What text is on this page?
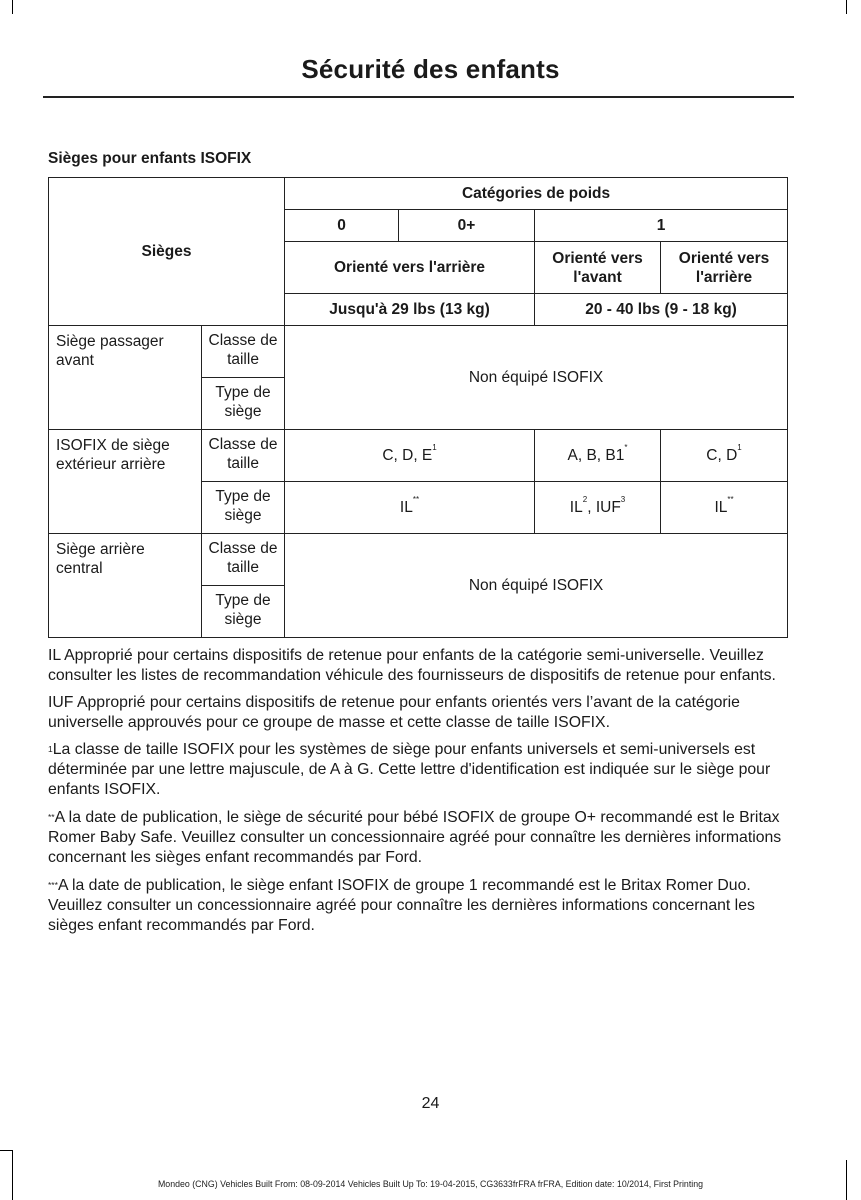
Sécurité des enfants
Sièges pour enfants ISOFIX
Sièges		Catégories de poids			
		0	0+	1	
		Orienté vers l'arrière		Orienté vers l'avant	Orienté vers l'arrière
		Jusqu'à 29 lbs (13 kg)		20 - 40 lbs (9 - 18 kg)	
Siège passager avant	Classe de taille	Non équipé ISOFIX			
	Type de siège				
ISOFIX de siège extérieur arrière	Classe de taille	C, D, $E^1$		A, B, B1*	C, $D^1$
	Type de siège	IL**		$IL^2$, IUF$^3$	IL**
Siège arrière central	Classe de taille	Non équipé ISOFIX			
	Type de siège				

IL Approprié pour certains dispositifs de retenue pour enfants de la catégorie semi-universelle. Veuillez consulter les listes de recommandation véhicule des fournisseurs de dispositifs de retenue pour enfants.

IUF Approprié pour certains dispositifs de retenue pour enfants orientés vers l’avant de la catégorie universelle approuvés pour ce groupe de masse et cette classe de taille ISOFIX.

$^1$La classe de taille ISOFIX pour les systèmes de siège pour enfants universels et semi-universels est déterminée par une lettre majuscule, de A à G. Cette lettre d'identification est indiquée sur le siège pour enfants ISOFIX.

**A la date de publication, le siège de sécurité pour bébé ISOFIX de groupe O+ recommandé est le Britax Romer Baby Safe. Veuillez consulter un concessionnaire agréé pour connaître les dernières informations concernant les sièges enfant recommandés par Ford.

***A la date de publication, le siège enfant ISOFIX de groupe 1 recommandé est le Britax Romer Duo. Veuillez consulter un concessionnaire agréé pour connaître les dernières informations concernant les sièges enfant recommandés par Ford.

24
Mondeo (CNG) Vehicles Built From: 08-09-2014 Vehicles Built Up To: 19-04-2015, CG3633frFRA frFRA, Edition date: 10/2014, First Printing
